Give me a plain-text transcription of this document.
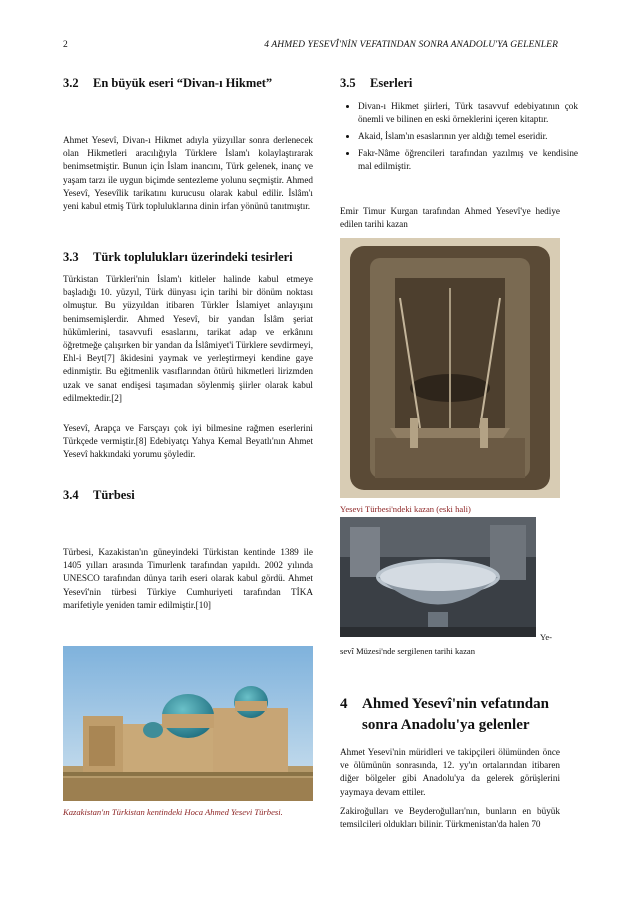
2	4 AHMED YESEVÎ'NİN VEFATINDAN SONRA ANADOLU'YA GELENLER
3.2 En büyük eseri “Divan-ı Hikmet”

Ahmet Yesevî, Divan-ı Hikmet adıyla yüzyıllar sonra derlenecek olan Hikmetleri aracılığıyla Türklere İslam'ı kolaylaştırarak benimsetmiştir. Bunun için İslam inancını, Türk gelenek, inanç ve yaşam tarzı ile uygun biçimde sentezleme yolunu seçmiştir. Ahmed Yesevî, Yesevîlik tarikatını kurucusu olarak kabul edilir. İslâm'ı yeni kabul etmiş Türk topluluklarına dinin irfan yönünü tanıtmıştır.

3.3 Türk toplulukları üzerindeki tesirleri

Türkistan Türkleri'nin İslam'ı kitleler halinde kabul etmeye başladığı 10. yüzyıl, Türk dünyası için tarihi bir dönüm noktası olmuştur. Bu yüzyıldan itibaren Türkler İslamiyet anlayışını benimsemişlerdir. Ahmed Yesevî, bir yandan İslâm şeriat hükümlerini, tasavvufi esaslarını, tarikat adap ve erkânını öğretmeğe çalışırken bir yandan da İslâmiyet'i Türklere sevdirmeyi, Ehl-i Beyt[7] âkidesini yaymak ve yerleştirmeyi kendine gaye edinmiştir. Bu eğitmenlik vasıflarından ötürü hikmetleri lirizmden uzak ve sanat endişesi taşımadan söylenmiş şiirler olarak kabul edilmektedir.[2]

Yesevî, Arapça ve Farsçayı çok iyi bilmesine rağmen eserlerini Türkçede vermiştir.[8] Edebiyatçı Yahya Kemal Beyatlı'nın Ahmet Yesevî hakkındaki yorumu şöyledir.

3.4 Türbesi

Türbesi, Kazakistan'ın güneyindeki Türkistan kentinde 1389 ile 1405 yılları arasında Timurlenk tarafından yapıldı. 2002 yılında UNESCO tarafından dünya tarih eseri olarak kabul gördü. Ahmet Yesevî'nin türbesi Türkiye Cumhuriyeti tarafından TİKA marifetiyle yeniden tamir edilmiştir.[10]

Kazakistan'ın Türkistan kentindeki Hoca Ahmed Yesevi Türbesi.
3.5 Eserleri
• Divan-ı Hikmet şiirleri, Türk tasavvuf edebiyatının çok önemli ve bilinen en eski örneklerini içeren kitaptır.
• Akaid, İslam'ın esaslarının yer aldığı temel eseridir.
• Fakr-Nâme öğrencileri tarafından yazılmış ve kendisine mal edilmiştir.

Emir Timur Kurgan tarafından Ahmed Yesevî'ye hediye edilen tarihi kazan

Yesevi Türbesi'ndeki kazan (eski hali)
Ye-
sevî Müzesi'nde sergilenen tarihi kazan
4 Ahmed Yesevî'nin vefatından
sonra Anadolu'ya gelenler

Ahmet Yesevi'nin müridleri ve takipçileri ölümünden önce ve ölümünün sonrasında, 12. yy'ın ortalarından itibaren diğer bölgeler gibi Anadolu'ya da gelerek görüşlerini yaymaya devam ettiler.

Zakiroğulları ve Beyderoğulları'nın, bunların en büyük temsilcileri oldukları bilinir. Türkmenistan'da halen 70
